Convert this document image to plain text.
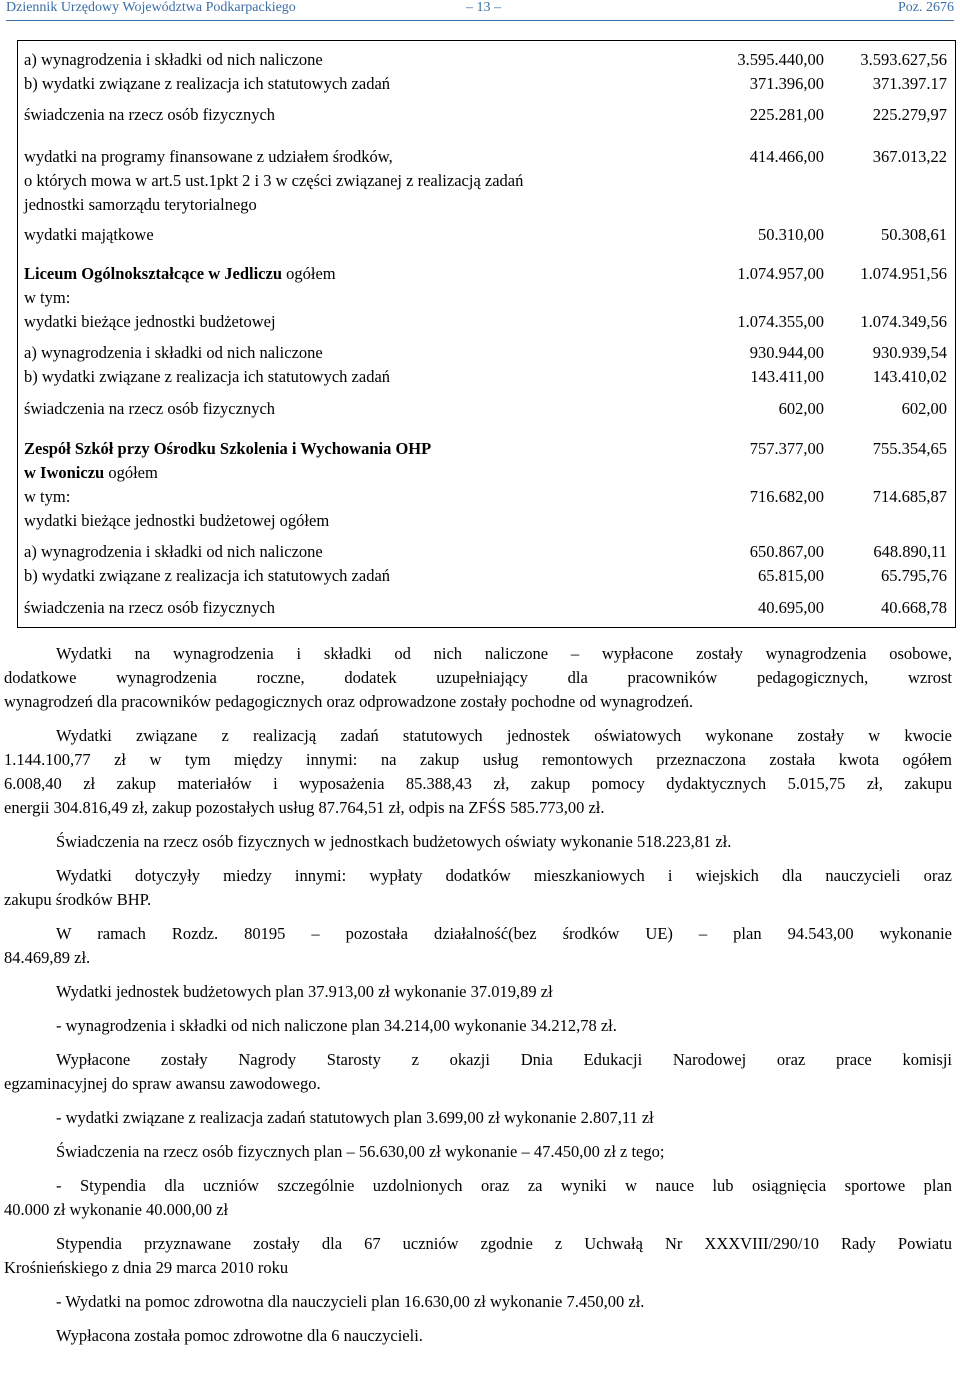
Dziennik Urzędowy Województwa Podkarpackiego	– 13 –	Poz. 2676
a) wynagrodzenia i składki od nich naliczone	3.595.440,00 3.593.627,56
b) wydatki związane z realizacja ich statutowych zadań	371.396,00	371.397.17
świadczenia na rzecz osób fizycznych	225.281,00	225.279,97
wydatki na programy finansowane z udziałem środków,	414.466,00	367.013,22
o których mowa w art.5 ust.1pkt 2 i 3 w części związanej z realizacją zadań
jednostki samorządu terytorialnego
wydatki majątkowe	50.310,00	50.308,61
Liceum Ogólnokształcące w Jedliczu ogółem	1.074.957,00 1.074.951,56
w tym:
wydatki bieżące jednostki budżetowej	1.074.355,00 1.074.349,56
a) wynagrodzenia i składki od nich naliczone	930.944,00	930.939,54
b) wydatki związane z realizacja ich statutowych zadań	143.411,00	143.410,02
świadczenia na rzecz osób fizycznych	602,00	602,00
Zespół Szkół przy Ośrodku Szkolenia i Wychowania OHP	757.377,00	755.354,65
w Iwoniczu ogółem
w tym:	716.682,00	714.685,87
wydatki bieżące jednostki budżetowej ogółem
a) wynagrodzenia i składki od nich naliczone	650.867,00	648.890,11
b) wydatki związane z realizacja ich statutowych zadań	65.815,00	65.795,76
świadczenia na rzecz osób fizycznych	40.695,00	40.668,78

Wydatki na wynagrodzenia i składki od nich naliczone – wypłacone zostały wynagrodzenia osobowe,
dodatkowe wynagrodzenia roczne, dodatek uzupełniający dla pracowników pedagogicznych, wzrost
wynagrodzeń dla pracowników pedagogicznych oraz odprowadzone zostały pochodne od wynagrodzeń.

Wydatki związane z realizacją zadań statutowych jednostek oświatowych wykonane zostały w kwocie
1.144.100,77 zł w tym między innymi: na zakup usług remontowych przeznaczona została kwota ogółem
6.008,40 zł zakup materiałów i wyposażenia 85.388,43 zł, zakup pomocy dydaktycznych 5.015,75 zł, zakupu
energii 304.816,49 zł, zakup pozostałych usług 87.764,51 zł, odpis na ZFŚS 585.773,00 zł.

Świadczenia na rzecz osób fizycznych w jednostkach budżetowych oświaty wykonanie 518.223,81 zł.

Wydatki dotyczyły miedzy innymi: wypłaty dodatków mieszkaniowych i wiejskich dla nauczycieli oraz
zakupu środków BHP.

W ramach Rozdz. 80195 – pozostała działalność(bez środków UE) – plan 94.543,00 wykonanie
84.469,89 zł.

Wydatki jednostek budżetowych plan 37.913,00 zł wykonanie 37.019,89 zł

- wynagrodzenia i składki od nich naliczone plan 34.214,00 wykonanie 34.212,78 zł.

Wypłacone zostały Nagrody Starosty z okazji Dnia Edukacji Narodowej oraz prace komisji
egzaminacyjnej do spraw awansu zawodowego.

- wydatki związane z realizacja zadań statutowych plan 3.699,00 zł wykonanie 2.807,11 zł

Świadczenia na rzecz osób fizycznych plan – 56.630,00 zł wykonanie – 47.450,00 zł z tego;

- Stypendia dla uczniów szczególnie uzdolnionych oraz za wyniki w nauce lub osiągnięcia sportowe plan
40.000 zł wykonanie 40.000,00 zł

Stypendia przyznawane zostały dla 67 uczniów zgodnie z Uchwałą Nr XXXVIII/290/10 Rady Powiatu
Krośnieńskiego z dnia 29 marca 2010 roku

- Wydatki na pomoc zdrowotna dla nauczycieli plan 16.630,00 zł wykonanie 7.450,00 zł.

Wypłacona została pomoc zdrowotne dla 6 nauczycieli.
